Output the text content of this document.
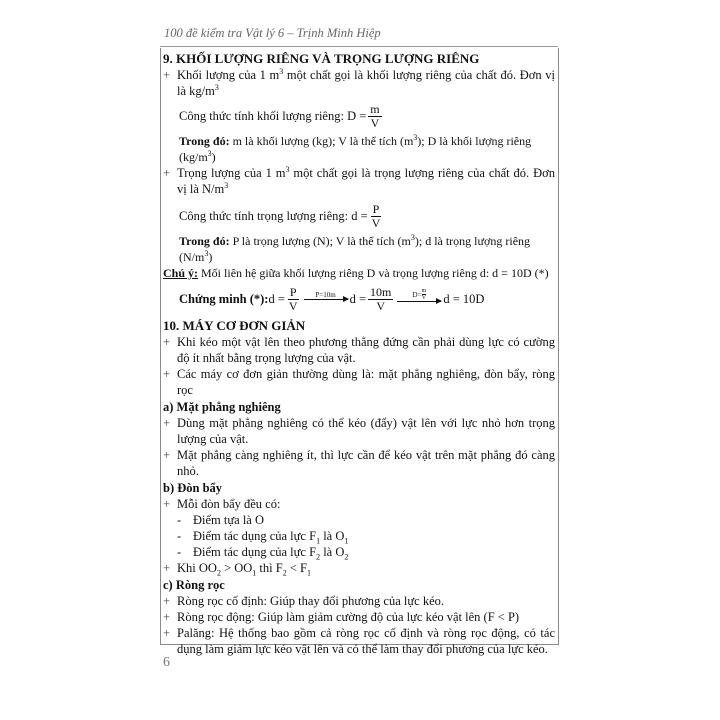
100 đề kiểm tra Vật lý 6 – Trịnh Minh Hiệp
9. KHỐI LƯỢNG RIÊNG VÀ TRỌNG LƯỢNG RIÊNG
+ Khối lượng của 1 $m^3$ một chất gọi là khối lượng riêng của chất đó. Đơn vị là $kg/m^3$
Công thức tính khối lượng riêng: $D = \frac{m}{V}$
Trong đó: m là khối lượng (kg); V là thể tích $(m^3)$; D là khối lượng riêng $(kg/m^3)$
+ Trọng lượng của 1 $m^3$ một chất gọi là trọng lượng riêng của chất đó. Đơn vị là $N/m^3$
Công thức tính trọng lượng riêng: $d = \frac{P}{V}$
Trong đó: P là trọng lượng (N); V là thể tích $(m^3)$; d là trọng lượng riêng $(N/m^3)$
Chú ý: Mối liên hệ giữa khối lượng riêng D và trọng lượng riêng d: d = 10D (*)
Chứng minh (*): $d = \frac{P}{V} P=10m$
$d = \frac{10m}{V}$	$D= \frac{m}{V}$
d = 10D
10. MÁY CƠ ĐƠN GIẢN
+ Khi kéo một vật lên theo phương thẳng đứng cần phải dùng lực có cường độ ít nhất bằng trọng lượng của vật.
+ Các máy cơ đơn giản thường dùng là: mặt phẳng nghiêng, đòn bẩy, ròng rọc
a) Mặt phẳng nghiêng
+ Dùng mặt phẳng nghiêng có thể kéo (đẩy) vật lên với lực nhỏ hơn trọng lượng của vật.
+ Mặt phẳng càng nghiêng ít, thì lực cần để kéo vật trên mặt phẳng đó càng nhỏ.
b) Đòn bẩy
+ Mỗi đòn bẩy đều có:
- Điểm tựa là O
- Điểm tác dụng của lực $F_1$ là $O_1$
- Điểm tác dụng của lực $F_2$ là $O_2$
+ Khi $OO_2 > OO_1$ thì $F_2 < F_1$
c) Ròng rọc
+ Ròng rọc cố định: Giúp thay đổi phương của lực kéo.
+ Ròng rọc động: Giúp làm giảm cường độ của lực kéo vật lên (F < P)
+ Palăng: Hệ thống bao gồm cả ròng rọc cố định và ròng rọc động, có tác dụng làm giảm lực kéo vật lên và có thể làm thay đổi phương của lực kéo.
6
